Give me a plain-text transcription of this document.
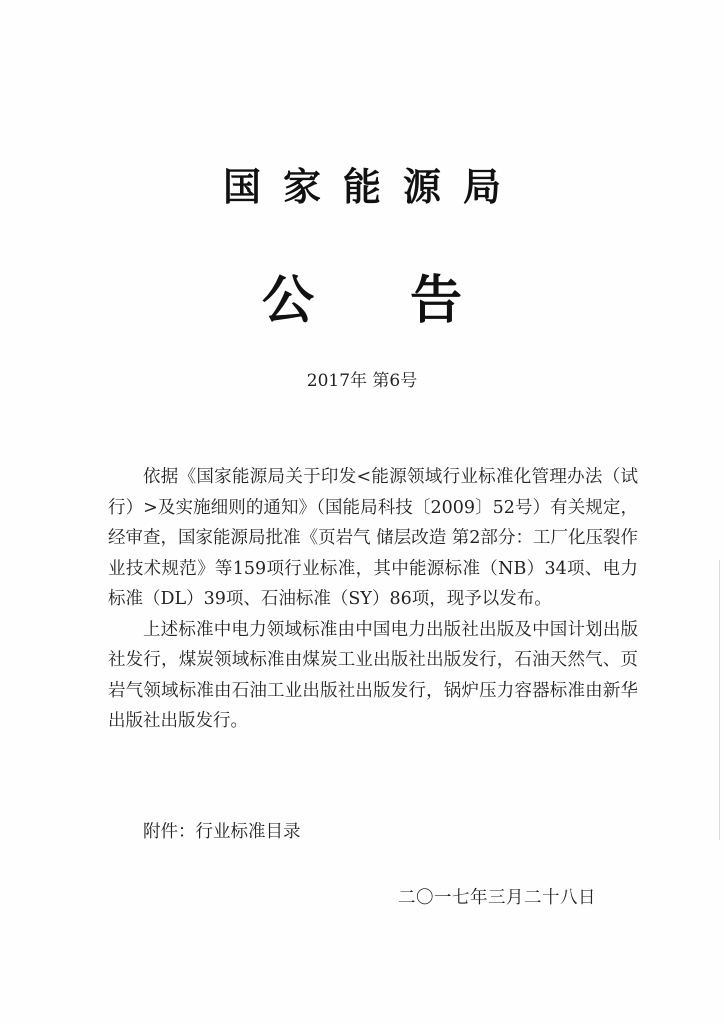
国家能源局
公 告
2017年 第6号

依据《国家能源局关于印发<能源领域行业标准化管理办法（试行）>及实施细则的通知》（国能局科技〔2009〕52号）有关规定，经审查，国家能源局批准《页岩气 储层改造 第2部分：工厂化压裂作业技术规范》等159项行业标准，其中能源标准（NB）34项、电力标准（DL）39项、石油标准（SY）86项，现予以发布。

上述标准中电力领域标准由中国电力出版社出版及中国计划出版社发行，煤炭领域标准由煤炭工业出版社出版发行，石油天然气、页岩气领域标准由石油工业出版社出版发行，锅炉压力容器标准由新华出版社出版发行。

附件：行业标准目录
二〇一七年三月二十八日
